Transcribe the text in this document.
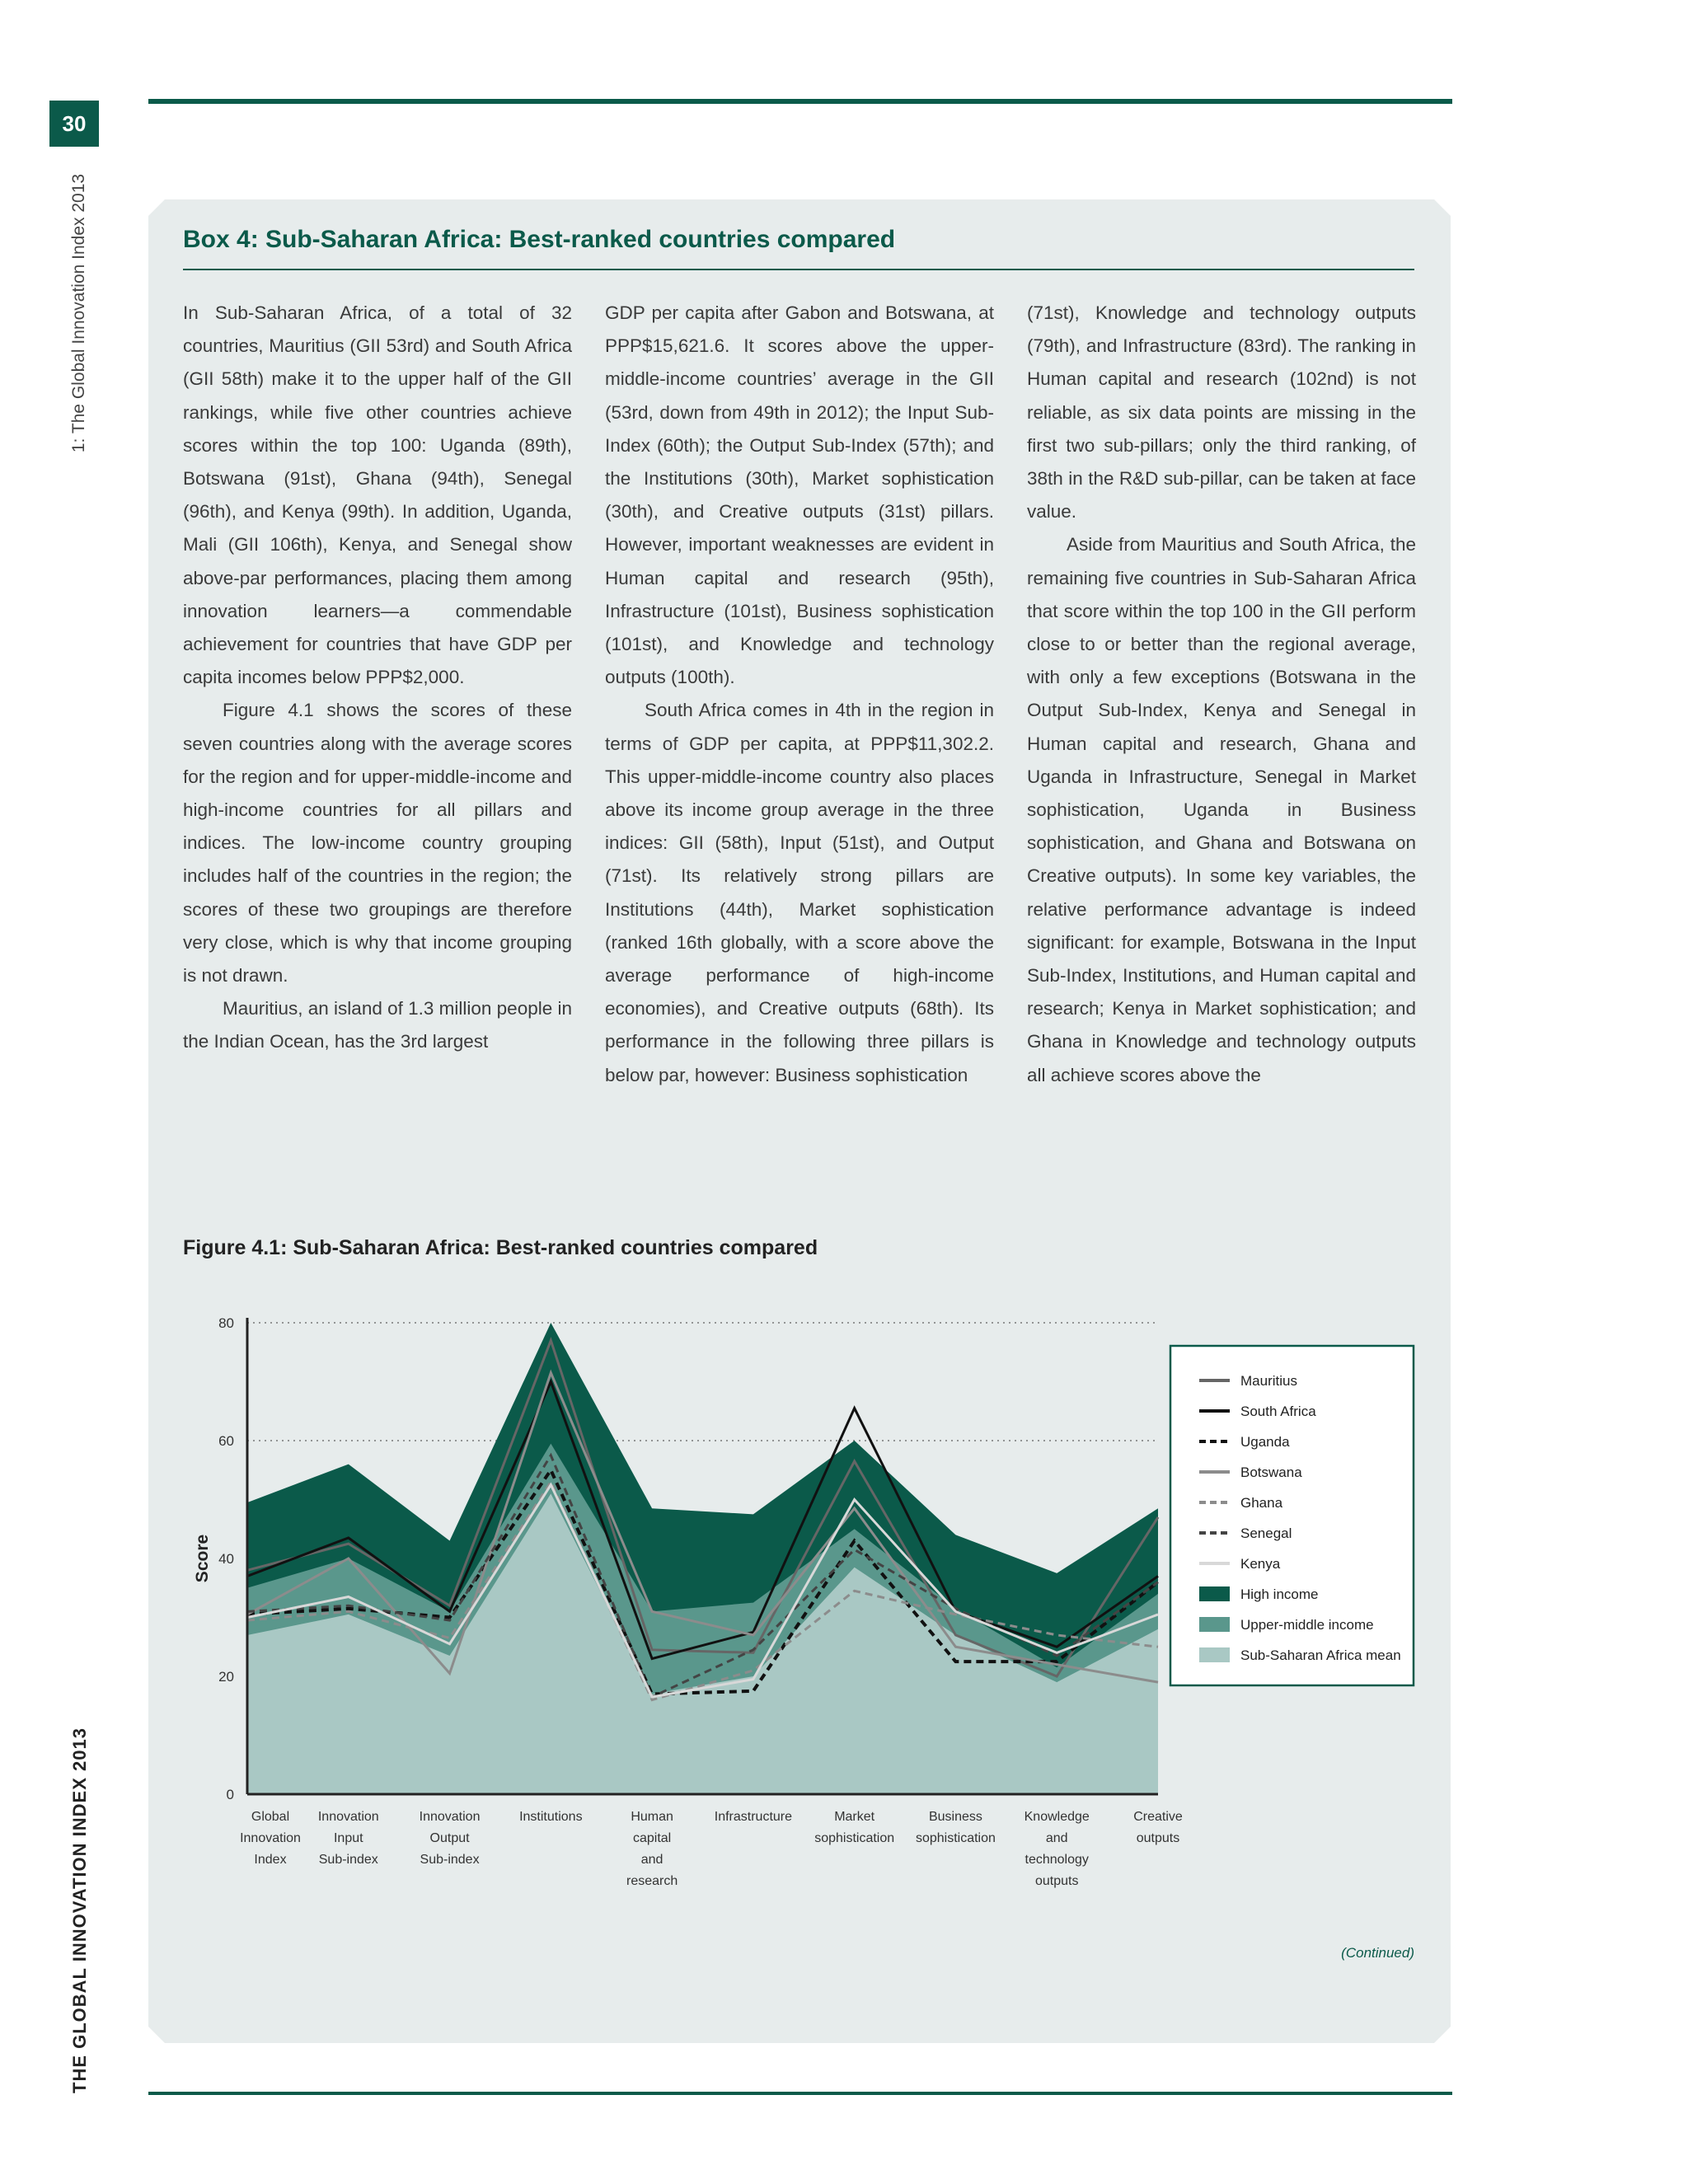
30
1: The Global Innovation Index 2013
THE GLOBAL INNOVATION INDEX 2013
Box 4: Sub-Saharan Africa: Best-ranked countries compared

In Sub-Saharan Africa, of a total of 32 countries, Mauritius (GII 53rd) and South Africa (GII 58th) make it to the upper half of the GII rankings, while five other countries achieve scores within the top 100: Uganda (89th), Botswana (91st), Ghana (94th), Senegal (96th), and Kenya (99th). In addition, Uganda, Mali (GII 106th), Kenya, and Senegal show above-par performances, placing them among innovation learners—a commendable achievement for countries that have GDP per capita incomes below PPP$2,000.

Figure 4.1 shows the scores of these seven countries along with the average scores for the region and for upper-middle-income and high-income countries for all pillars and indices. The low-income country grouping includes half of the countries in the region; the scores of these two groupings are therefore very close, which is why that income grouping is not drawn.

Mauritius, an island of 1.3 million people in the Indian Ocean, has the 3rd largest

GDP per capita after Gabon and Botswana, at PPP$15,621.6. It scores above the upper-middle-income countries’ average in the GII (53rd, down from 49th in 2012); the Input Sub-Index (60th); the Output Sub-Index (57th); and the Institutions (30th), Market sophistication (30th), and Creative outputs (31st) pillars. However, important weaknesses are evident in Human capital and research (95th), Infrastructure (101st), Business sophistication (101st), and Knowledge and technology outputs (100th).

South Africa comes in 4th in the region in terms of GDP per capita, at PPP$11,302.2. This upper-middle-income country also places above its income group average in the three indices: GII (58th), Input (51st), and Output (71st). Its relatively strong pillars are Institutions (44th), Market sophistication (ranked 16th globally, with a score above the average performance of high-income economies), and Creative outputs (68th). Its performance in the following three pillars is below par, however: Business sophistication

(71st), Knowledge and technology outputs (79th), and Infrastructure (83rd). The ranking in Human capital and research (102nd) is not reliable, as six data points are missing in the first two sub-pillars; only the third ranking, of 38th in the R&D sub-pillar, can be taken at face value.

Aside from Mauritius and South Africa, the remaining five countries in Sub-Saharan Africa that score within the top 100 in the GII perform close to or better than the regional average, with only a few exceptions (Botswana in the Output Sub-Index, Kenya and Senegal in Human capital and research, Ghana and Uganda in Infrastructure, Senegal in Market sophistication, Uganda in Business sophistication, and Ghana and Botswana on Creative outputs). In some key variables, the relative performance advantage is indeed significant: for example, Botswana in the Input Sub-Index, Institutions, and Human capital and research; Kenya in Market sophistication; and Ghana in Knowledge and technology outputs all achieve scores above the

Figure 4.1: Sub-Saharan Africa: Best-ranked countries compared
0
20
40
60
80
Score
Global Innovation Index
Innovation Input Sub-index
Innovation Output Sub-index
Institutions	Human capital and research
Infrastructure	Market sophistication
Business sophistication
Knowledge and technology outputs
Creative outputs
Mauritius
South Africa
Uganda
Botswana
Ghana
Senegal
Kenya
High income
Upper-middle income
Sub-Saharan Africa mean
(Continued)
